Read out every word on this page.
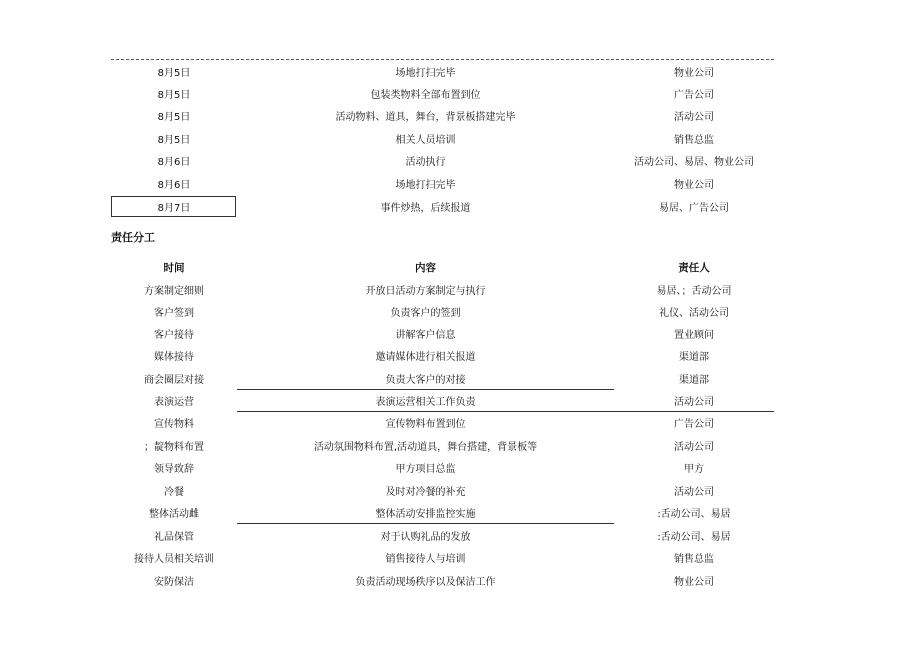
8月5日	场地打扫完毕	物业公司
8月5日	包装类物料全部布置到位	广告公司
8月5日	活动物料、道具，舞台，背景板搭建完毕	活动公司
8月5日	相关人员培训	销售总监
8月6日	活动执行	活动公司、易居、物业公司
8月6日	场地打扫完毕	物业公司
8月7日	事件炒热，后续报道	易居、广告公司
责任分工
时间	内容	责任人
方案制定细则	开放日活动方案制定与执行	易居、；舌动公司
客户签到	负责客户的签到	礼仪、活动公司
客户接待	讲解客户信息	置业顾问
媒体接待	邀请媒体进行相关报道	渠道部
商会圈层对接	负责大客户的对接	渠道部
表演运营	表演运营相关工作负责	活动公司
宣传物料	宣传物料布置到位	广告公司
；靛物料布置	活动氛围物料布置,活动道具，舞台搭建，背景板等	活动公司
领导致辞	甲方项目总监	甲方
冷餐	及时对冷餐的补充	活动公司
整体活动雌	整体活动安排监控实施	:舌动公司、易居
礼品保管	对于认购礼品的发放	:舌动公司、易居
接待人员相关培训	销售接待人与培训	销售总监
安防保洁	负责活动现场秩序以及保洁工作	物业公司
